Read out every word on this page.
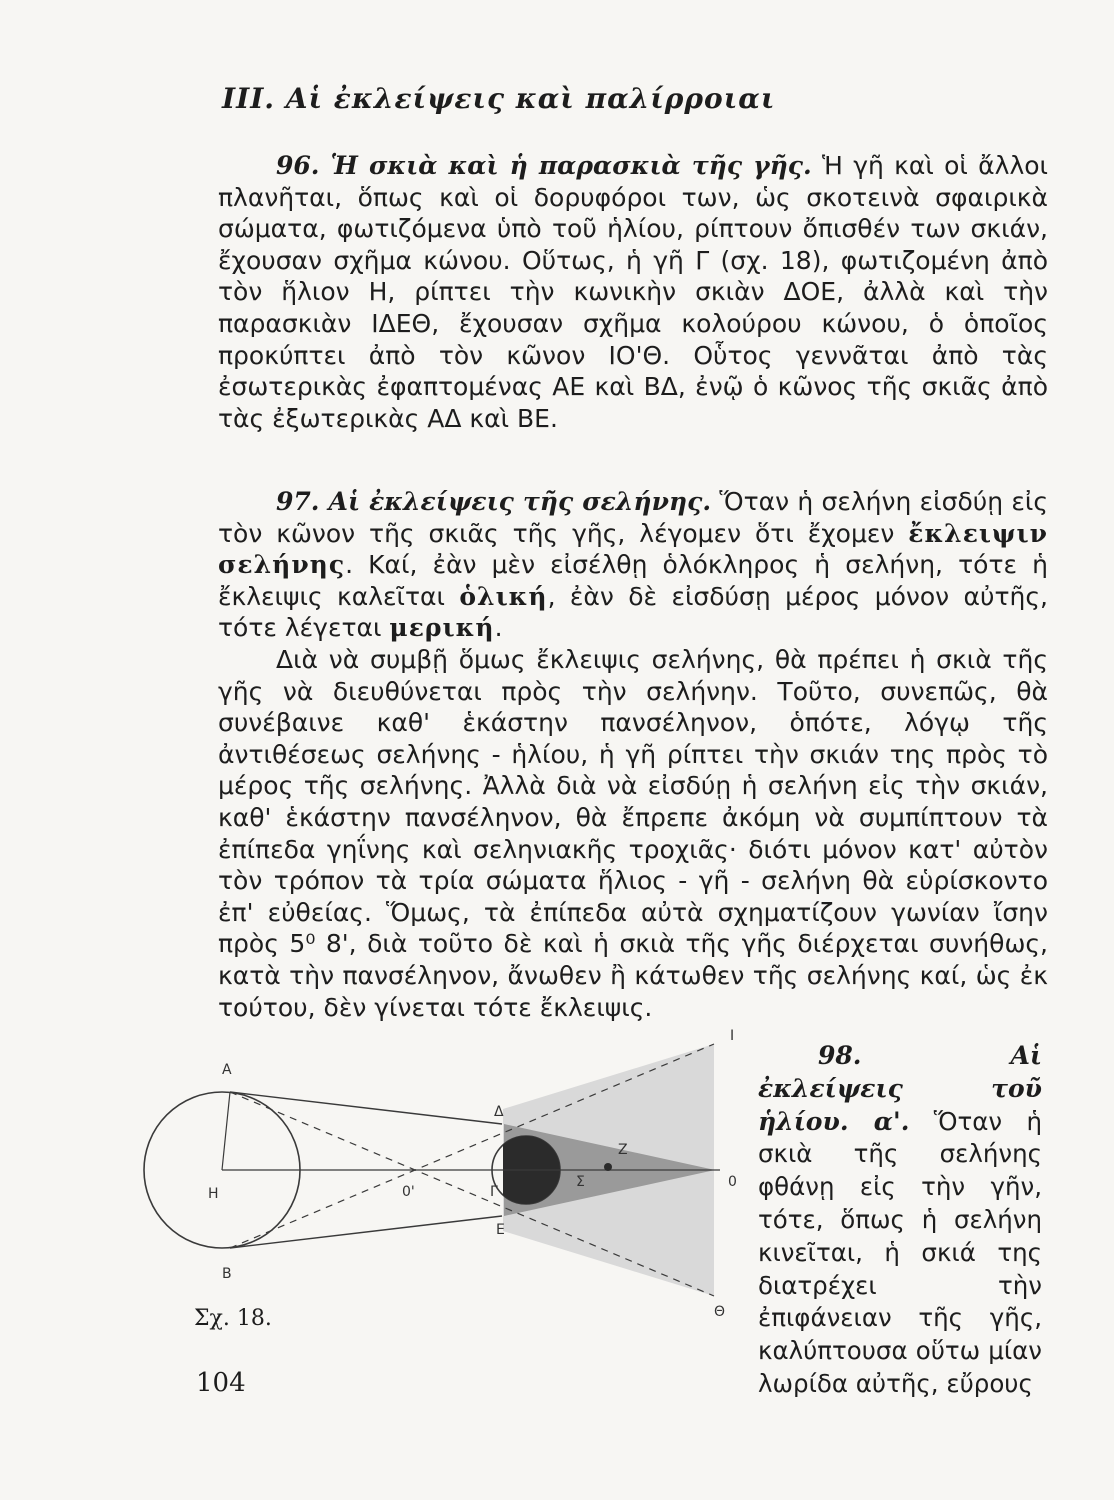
III. Αἱ ἐκλείψεις καὶ παλίρροιαι

96. Ἡ σκιὰ καὶ ἡ παρασκιὰ τῆς γῆς. Ἡ γῆ καὶ οἱ ἄλλοι πλανῆται, ὅπως καὶ οἱ δορυφόροι των, ὡς σκοτεινὰ σφαιρικὰ σώματα, φωτιζόμενα ὑπὸ τοῦ ἡλίου, ρίπτουν ὄπισθέν των σκιάν, ἔχουσαν σχῆμα κώνου. Οὕτως, ἡ γῆ Γ (σχ. 18), φωτιζομένη ἀπὸ τὸν ἥλιον Η, ρίπτει τὴν κωνικὴν σκιὰν ΔΟΕ, ἀλλὰ καὶ τὴν παρασκιὰν ΙΔΕΘ, ἔχουσαν σχῆμα κολούρου κώνου, ὁ ὁποῖος προκύπτει ἀπὸ τὸν κῶνον ΙΟ'Θ. Οὗτος γεννᾶται ἀπὸ τὰς ἐσωτερικὰς ἐφαπτομένας ΑΕ καὶ ΒΔ, ἐνῷ ὁ κῶνος τῆς σκιᾶς ἀπὸ τὰς ἐξωτερικὰς ΑΔ καὶ ΒΕ.

97. Αἱ ἐκλείψεις τῆς σελήνης. Ὅταν ἡ σελήνη εἰσδύῃ εἰς τὸν κῶνον τῆς σκιᾶς τῆς γῆς, λέγομεν ὅτι ἔχομεν ἔκλειψιν σελήνης. Καί, ἐὰν μὲν εἰσέλθῃ ὁλόκληρος ἡ σελήνη, τότε ἡ ἔκλειψις καλεῖται ὁλική, ἐὰν δὲ εἰσδύσῃ μέρος μόνον αὐτῆς, τότε λέγεται μερική.

Διὰ νὰ συμβῇ ὅμως ἔκλειψις σελήνης, θὰ πρέπει ἡ σκιὰ τῆς γῆς νὰ διευθύνεται πρὸς τὴν σελήνην. Τοῦτο, συνεπῶς, θὰ συνέβαινε καθ' ἑκάστην πανσέληνον, ὁπότε, λόγῳ τῆς ἀντιθέσεως σελήνης - ἡλίου, ἡ γῆ ρίπτει τὴν σκιάν της πρὸς τὸ μέρος τῆς σελήνης. Ἀλλὰ διὰ νὰ εἰσδύῃ ἡ σελήνη εἰς τὴν σκιάν, καθ' ἑκάστην πανσέληνον, θὰ ἔπρεπε ἀκόμη νὰ συμπίπτουν τὰ ἐπίπεδα γηΐνης καὶ σεληνιακῆς τροχιᾶς· διότι μόνον κατ' αὐτὸν τὸν τρόπον τὰ τρία σώματα ἥλιος - γῆ - σελήνη θὰ εὑρίσκοντο ἐπ' εὐθείας. Ὅμως, τὰ ἐπίπεδα αὐτὰ σχηματίζουν γωνίαν ἴσην πρὸς 5⁰ 8', διὰ τοῦτο δὲ καὶ ἡ σκιὰ τῆς γῆς διέρχεται συνήθως, κατὰ τὴν πανσέληνον, ἄνωθεν ἢ κάτωθεν τῆς σελήνης καί, ὡς ἐκ τούτου, δὲν γίνεται τότε ἔκλειψις.

Α
Β
Η	0'	Γ
Δ
Ε
Ζ
Σ	0
Ι
Θ

98. Αἱ ἐκλείψεις τοῦ ἡλίου. α'. Ὅταν ἡ σκιὰ τῆς σελήνης φθάνῃ εἰς τὴν γῆν, τότε, ὅπως ἡ σελήνη κινεῖται, ἡ σκιά της διατρέχει τὴν ἐπιφάνειαν τῆς γῆς, καλύπτουσα οὕτω μίαν λωρίδα αὐτῆς, εὔρους

Σχ. 18.
104
